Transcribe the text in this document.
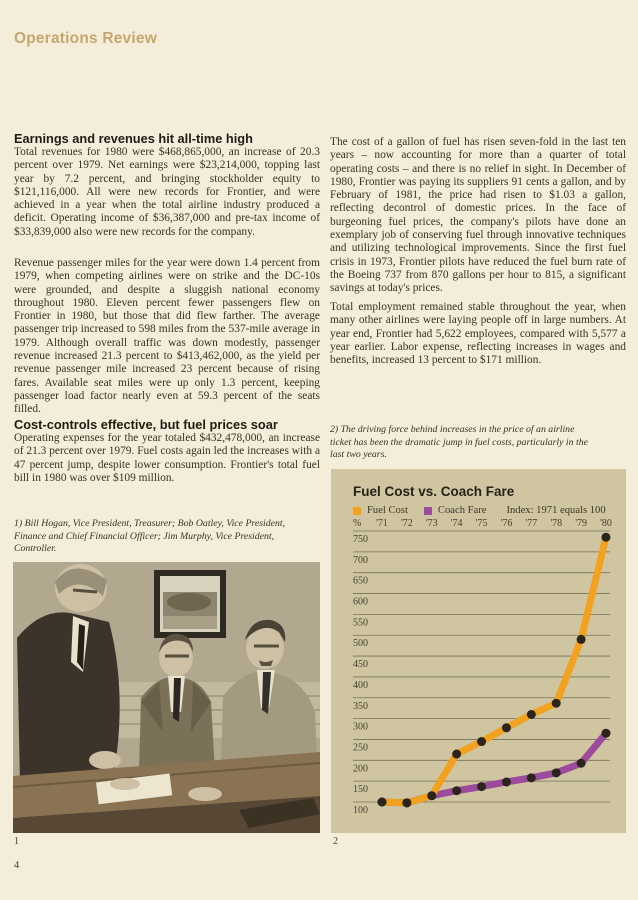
Operations Review
Earnings and revenues hit all-time high
Total revenues for 1980 were $468,865,000, an increase of 20.3 percent over 1979. Net earnings were $23,214,000, topping last year by 7.2 percent, and bringing stockholder equity to $121,116,000. All were new records for Frontier, and were achieved in a year when the total airline industry produced a deficit. Operating income of $36,387,000 and pre-tax income of $33,839,000 also were new records for the company.
Revenue passenger miles for the year were down 1.4 percent from 1979, when competing airlines were on strike and the DC-10s were grounded, and despite a sluggish national economy throughout 1980. Eleven percent fewer passengers flew on Frontier in 1980, but those that did flew farther. The average passenger trip increased to 598 miles from the 537-mile average in 1979. Although overall traffic was down modestly, passenger revenue increased 21.3 percent to $413,462,000, as the yield per revenue passenger mile increased 23 percent because of rising fares. Available seat miles were up only 1.3 percent, keeping passenger load factor nearly even at 59.3 percent of the seats filled.
Cost-controls effective, but fuel prices soar
Operating expenses for the year totaled $432,478,000, an increase of 21.3 percent over 1979. Fuel costs again led the increases with a 47 percent jump, despite lower consumption. Frontier's total fuel bill in 1980 was over $109 million.
1) Bill Hogan, Vice President, Treasurer; Bob Oatley, Vice President, Finance and Chief Financial Officer; Jim Murphy, Vice President, Controller.
1
4
The cost of a gallon of fuel has risen seven-fold in the last ten years – now accounting for more than a quarter of total operating costs – and there is no relief in sight. In December of 1980, Frontier was paying its suppliers 91 cents a gallon, and by February of 1981, the price had risen to $1.03 a gallon, reflecting decontrol of domestic prices. In the face of burgeoning fuel prices, the company's pilots have done an exemplary job of conserving fuel through innovative techniques and utilizing technological improvements. Since the first fuel crisis in 1973, Frontier pilots have reduced the fuel burn rate of the Boeing 737 from 870 gallons per hour to 815, a significant savings at today's prices.
Total employment remained stable throughout the year, when many other airlines were laying people off in large numbers. At year end, Frontier had 5,622 employees, compared with 5,577 a year earlier. Labor expense, reflecting increases in wages and benefits, increased 13 percent to $171 million.
2) The driving force behind increases in the price of an airline ticket has been the dramatic jump in fuel costs, particularly in the last two years.
Fuel Cost vs. Coach Fare
Fuel Cost	Coach Fare Index: 1971 equals 100
750
700
650
600
550
500
450
400
350
300
250
200
150
100
% '71 '72 '73 '74 '75 '76 '77 '78 '79 '80
2
